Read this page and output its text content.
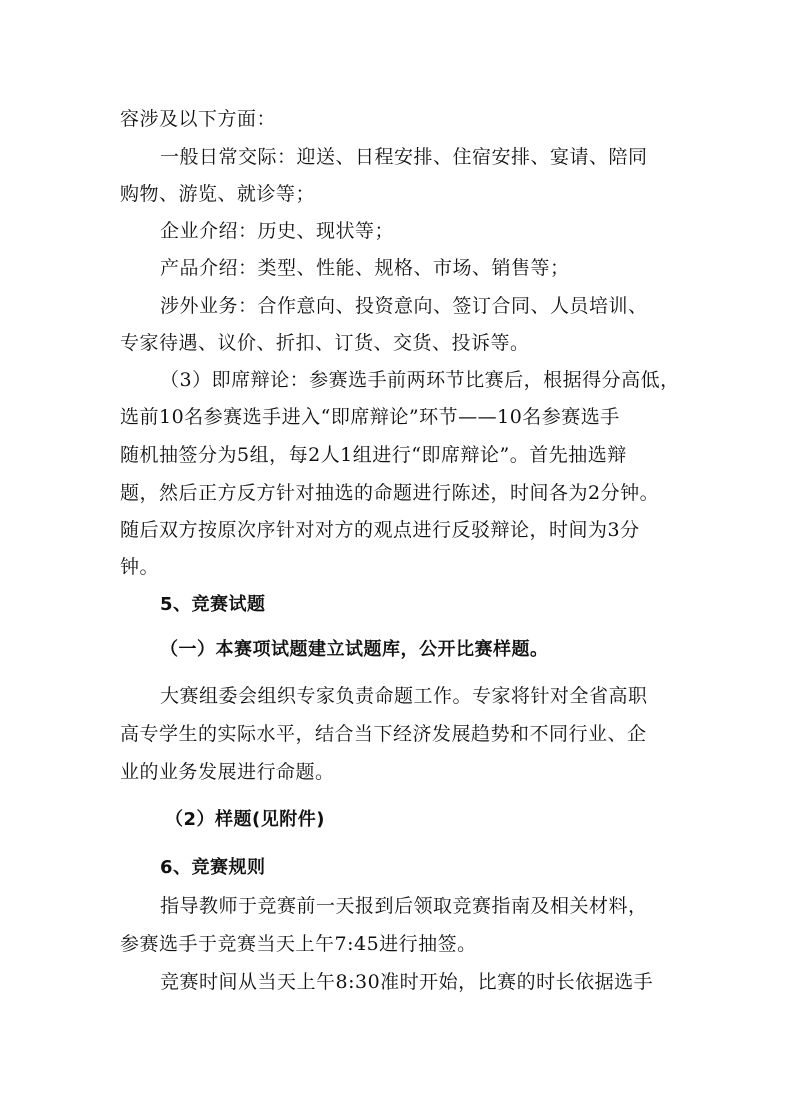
容涉及以下方面：
一般日常交际：迎送、日程安排、住宿安排、宴请、陪同
购物、游览、就诊等；
企业介绍：历史、现状等；
产品介绍：类型、性能、规格、市场、销售等；
涉外业务：合作意向、投资意向、签订合同、人员培训、
专家待遇、议价、折扣、订货、交货、投诉等。
（3）即席辩论：参赛选手前两环节比赛后，根据得分高低，
选前10名参赛选手进入“即席辩论”环节——10名参赛选手
随机抽签分为5组，每2人1组进行“即席辩论”。首先抽选辩
题，然后正方反方针对抽选的命题进行陈述，时间各为2分钟。
随后双方按原次序针对对方的观点进行反驳辩论，时间为3分
钟。
5、竞赛试题
（一）本赛项试题建立试题库，公开比赛样题。
大赛组委会组织专家负责命题工作。专家将针对全省高职
高专学生的实际水平，结合当下经济发展趋势和不同行业、企
业的业务发展进行命题。
（2）样题(见附件)
6、竞赛规则
指导教师于竞赛前一天报到后领取竞赛指南及相关材料，
参赛选手于竞赛当天上午7:45进行抽签。
竞赛时间从当天上午8:30准时开始，比赛的时长依据选手
